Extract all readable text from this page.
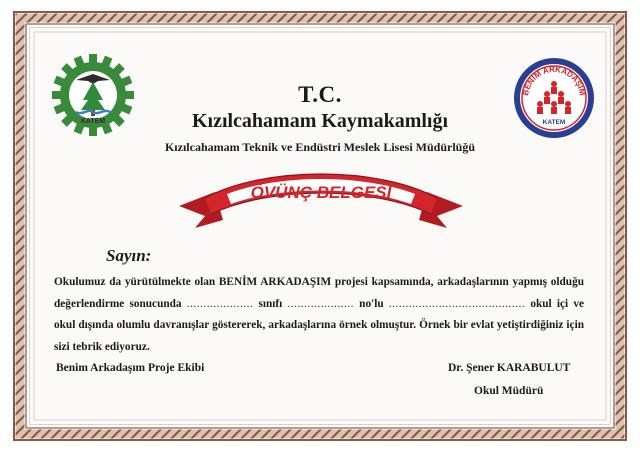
KATEM
BENİM ARKADAŞIM
KATEM
T.C.
Kızılcahamam Kaymakamlığı
Kızılcahamam Teknik ve Endüstri Meslek Lisesi Müdürlüğü
ÖVÜNÇ BELGESİ
Sayın:
Okulumuz da yürütülmekte olan BENİM ARKADAŞIM projesi kapsamında, arkadaşlarının yapmış olduğu değerlendirme sonucunda .................... sınıfı .................... no'lu ......................................... okul içi ve okul dışında olumlu davranışlar göstererek, arkadaşlarına örnek olmuştur. Örnek bir evlat yetiştirdiğiniz için sizi tebrik ediyoruz.
Benim Arkadaşım Proje Ekibi	Dr. Şener KARABULUT
Okul Müdürü
